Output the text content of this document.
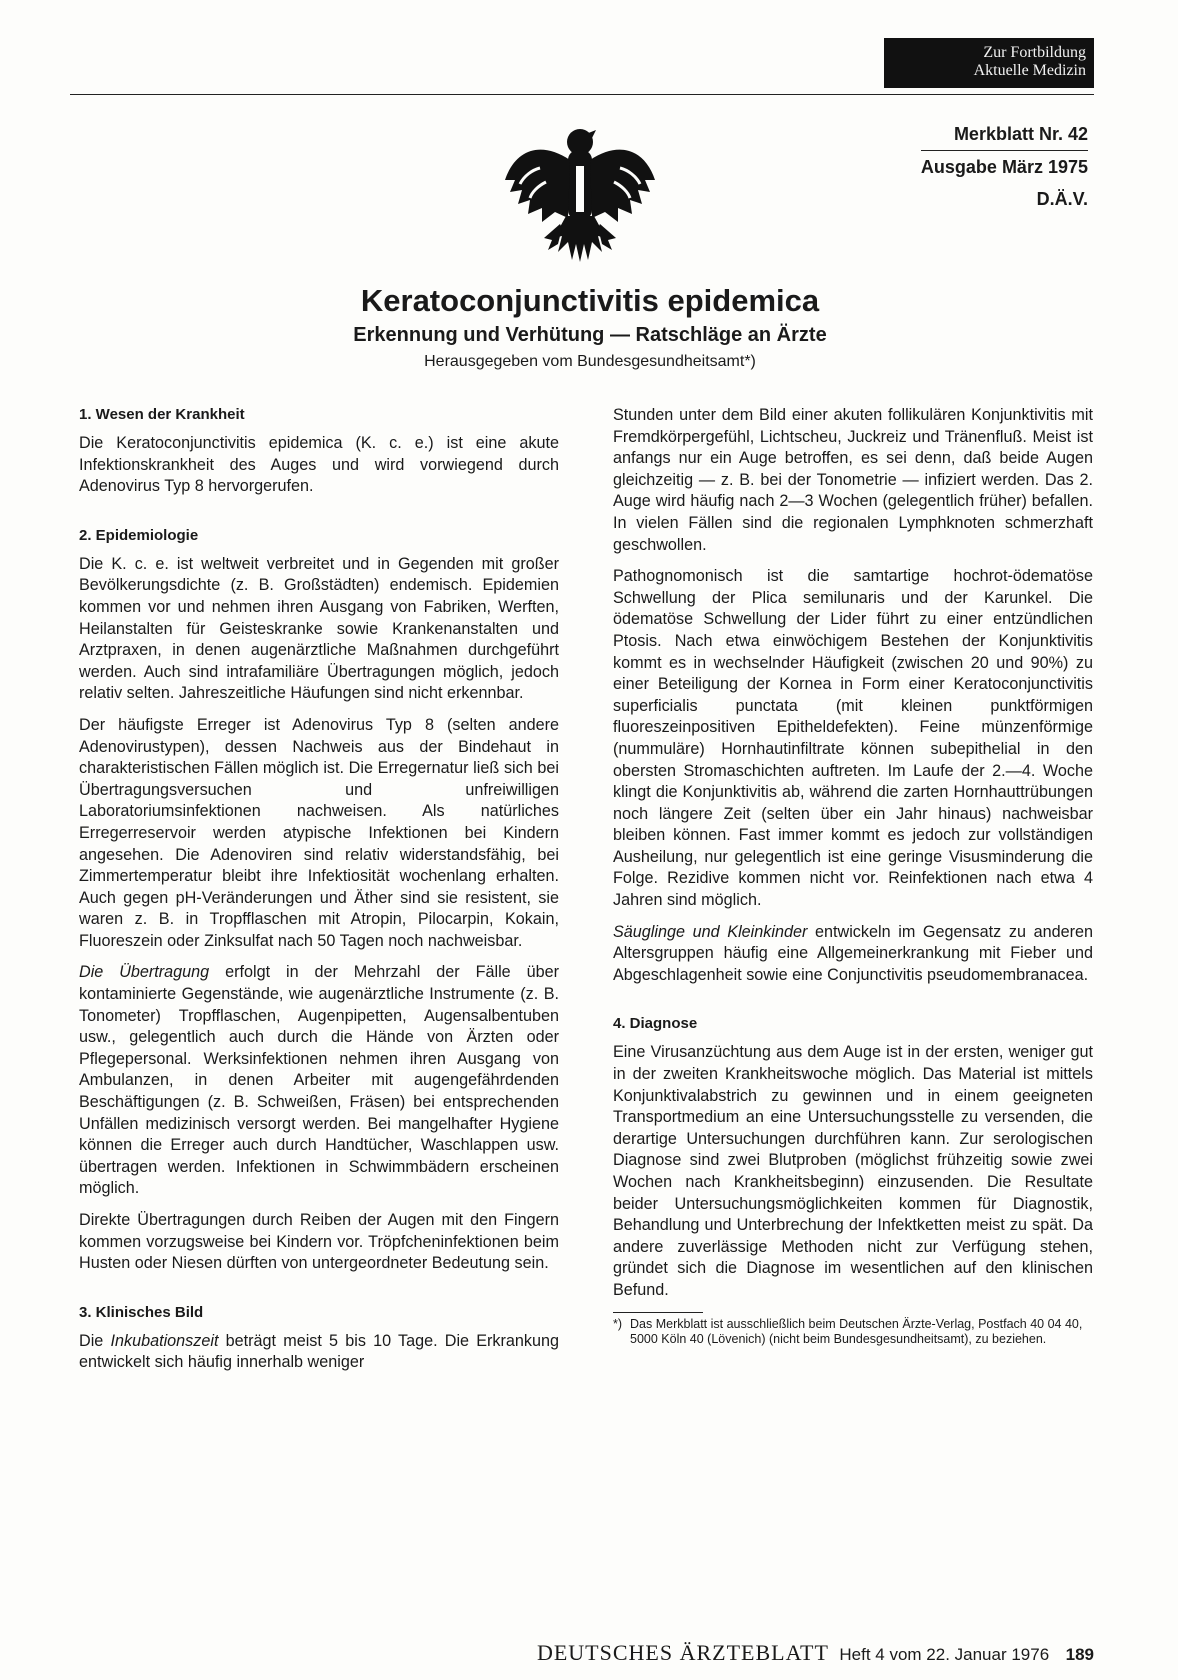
Zur Fortbildung
Aktuelle Medizin
Merkblatt Nr. 42
Ausgabe März 1975
D.Ä.V.
Keratoconjunctivitis epidemica
Erkennung und Verhütung — Ratschläge an Ärzte
Herausgegeben vom Bundesgesundheitsamt*)
1. Wesen der Krankheit

Die Keratoconjunctivitis epidemica (K. c. e.) ist eine akute Infektionskrankheit des Auges und wird vorwiegend durch Adenovirus Typ 8 hervorgerufen.

2. Epidemiologie

Die K. c. e. ist weltweit verbreitet und in Gegenden mit großer Bevölkerungsdichte (z. B. Großstädten) endemisch. Epidemien kommen vor und nehmen ihren Ausgang von Fabriken, Werften, Heilanstalten für Geisteskranke sowie Krankenanstalten und Arztpraxen, in denen augenärztliche Maßnahmen durchgeführt werden. Auch sind intrafamiliäre Übertragungen möglich, jedoch relativ selten. Jahreszeitliche Häufungen sind nicht erkennbar.

Der häufigste Erreger ist Adenovirus Typ 8 (selten andere Adenovirustypen), dessen Nachweis aus der Bindehaut in charakteristischen Fällen möglich ist. Die Erregernatur ließ sich bei Übertragungsversuchen und unfreiwilligen Laboratoriumsinfektionen nachweisen. Als natürliches Erregerreservoir werden atypische Infektionen bei Kindern angesehen. Die Adenoviren sind relativ widerstandsfähig, bei Zimmertemperatur bleibt ihre Infektiosität wochenlang erhalten. Auch gegen pH-Veränderungen und Äther sind sie resistent, sie waren z. B. in Tropfflaschen mit Atropin, Pilocarpin, Kokain, Fluoreszein oder Zinksulfat nach 50 Tagen noch nachweisbar.

Die Übertragung erfolgt in der Mehrzahl der Fälle über kontaminierte Gegenstände, wie augenärztliche Instrumente (z. B. Tonometer) Tropfflaschen, Augenpipetten, Augensalbentuben usw., gelegentlich auch durch die Hände von Ärzten oder Pflegepersonal. Werksinfektionen nehmen ihren Ausgang von Ambulanzen, in denen Arbeiter mit augengefährdenden Beschäftigungen (z. B. Schweißen, Fräsen) bei entsprechenden Unfällen medizinisch versorgt werden. Bei mangelhafter Hygiene können die Erreger auch durch Handtücher, Waschlappen usw. übertragen werden. Infektionen in Schwimmbädern erscheinen möglich.

Direkte Übertragungen durch Reiben der Augen mit den Fingern kommen vorzugsweise bei Kindern vor. Tröpfcheninfektionen beim Husten oder Niesen dürften von untergeordneter Bedeutung sein.

3. Klinisches Bild

Die Inkubationszeit beträgt meist 5 bis 10 Tage. Die Erkrankung entwickelt sich häufig innerhalb weniger

Stunden unter dem Bild einer akuten follikulären Konjunktivitis mit Fremdkörpergefühl, Lichtscheu, Juckreiz und Tränenfluß. Meist ist anfangs nur ein Auge betroffen, es sei denn, daß beide Augen gleichzeitig — z. B. bei der Tonometrie — infiziert werden. Das 2. Auge wird häufig nach 2—3 Wochen (gelegentlich früher) befallen. In vielen Fällen sind die regionalen Lymphknoten schmerzhaft geschwollen.

Pathognomonisch ist die samtartige hochrot-ödematöse Schwellung der Plica semilunaris und der Karunkel. Die ödematöse Schwellung der Lider führt zu einer entzündlichen Ptosis. Nach etwa einwöchigem Bestehen der Konjunktivitis kommt es in wechselnder Häufigkeit (zwischen 20 und 90%) zu einer Beteiligung der Kornea in Form einer Keratoconjunctivitis superficialis punctata (mit kleinen punktförmigen fluoreszeinpositiven Epitheldefekten). Feine münzenförmige (nummuläre) Hornhautinfiltrate können subepithelial in den obersten Stromaschichten auftreten. Im Laufe der 2.—4. Woche klingt die Konjunktivitis ab, während die zarten Hornhauttrübungen noch längere Zeit (selten über ein Jahr hinaus) nachweisbar bleiben können. Fast immer kommt es jedoch zur vollständigen Ausheilung, nur gelegentlich ist eine geringe Visusminderung die Folge. Rezidive kommen nicht vor. Reinfektionen nach etwa 4 Jahren sind möglich.

Säuglinge und Kleinkinder entwickeln im Gegensatz zu anderen Altersgruppen häufig eine Allgemeinerkrankung mit Fieber und Abgeschlagenheit sowie eine Conjunctivitis pseudomembranacea.

4. Diagnose

Eine Virusanzüchtung aus dem Auge ist in der ersten, weniger gut in der zweiten Krankheitswoche möglich. Das Material ist mittels Konjunktivalabstrich zu gewinnen und in einem geeigneten Transportmedium an eine Untersuchungsstelle zu versenden, die derartige Untersuchungen durchführen kann. Zur serologischen Diagnose sind zwei Blutproben (möglichst frühzeitig sowie zwei Wochen nach Krankheitsbeginn) einzusenden. Die Resultate beider Untersuchungsmöglichkeiten kommen für Diagnostik, Behandlung und Unterbrechung der Infektketten meist zu spät. Da andere zuverlässige Methoden nicht zur Verfügung stehen, gründet sich die Diagnose im wesentlichen auf den klinischen Befund.

*) Das Merkblatt ist ausschließlich beim Deutschen Ärzte-Verlag, Postfach 40 04 40, 5000 Köln 40 (Lövenich) (nicht beim Bundesgesundheitsamt), zu beziehen.
DEUTSCHES ÄRZTEBLATT Heft 4 vom 22. Januar 1976 189
